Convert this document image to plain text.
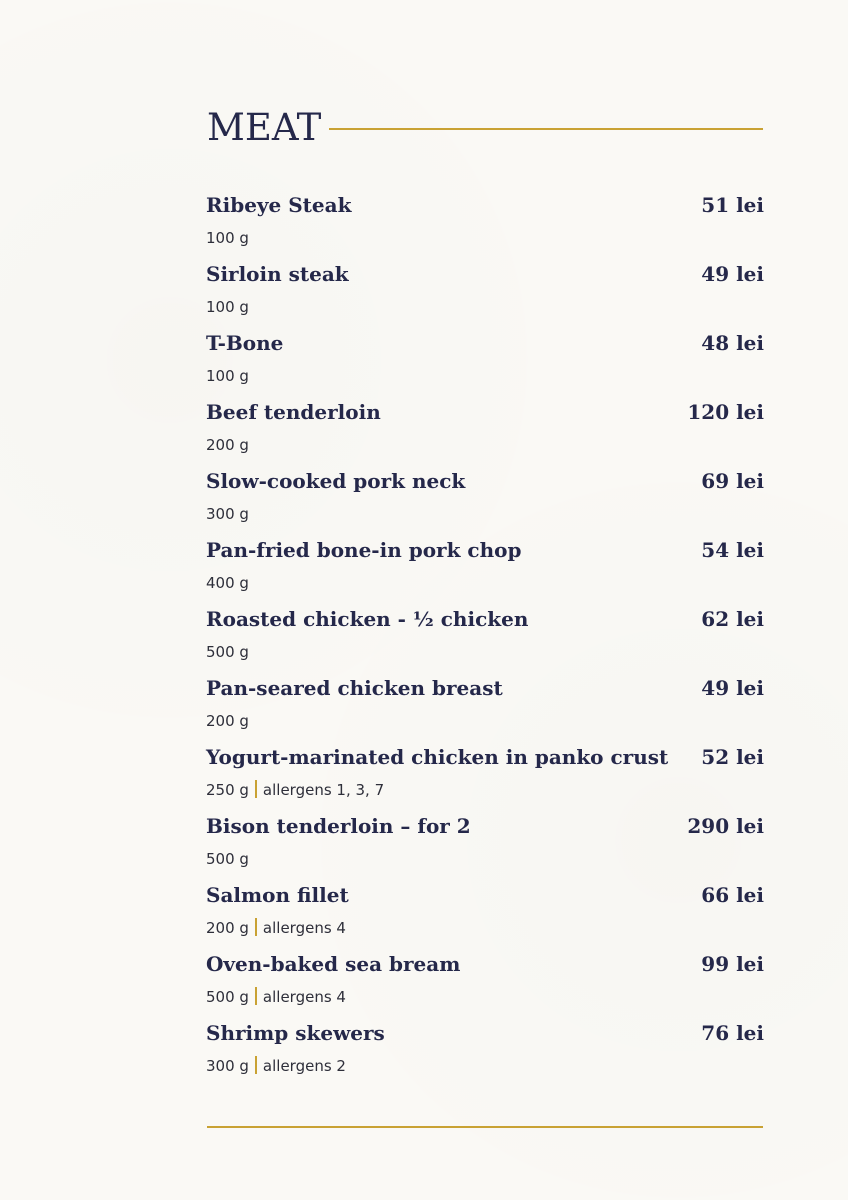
MEAT
Ribeye Steak	51 lei
100 g
Sirloin steak	49 lei
100 g
T-Bone	48 lei
100 g
Beef tenderloin	120 lei
200 g
Slow-cooked pork neck	69 lei
300 g
Pan-fried bone-in pork chop	54 lei
400 g
Roasted chicken - ½ chicken	62 lei
500 g
Pan-seared chicken breast	49 lei
200 g
Yogurt-marinated chicken in panko crust 52 lei
250 g allergens 1, 3, 7
Bison tenderloin – for 2	290 lei
500 g
Salmon fillet	66 lei
200 g allergens 4
Oven-baked sea bream	99 lei
500 g allergens 4
Shrimp skewers	76 lei
300 g allergens 2
